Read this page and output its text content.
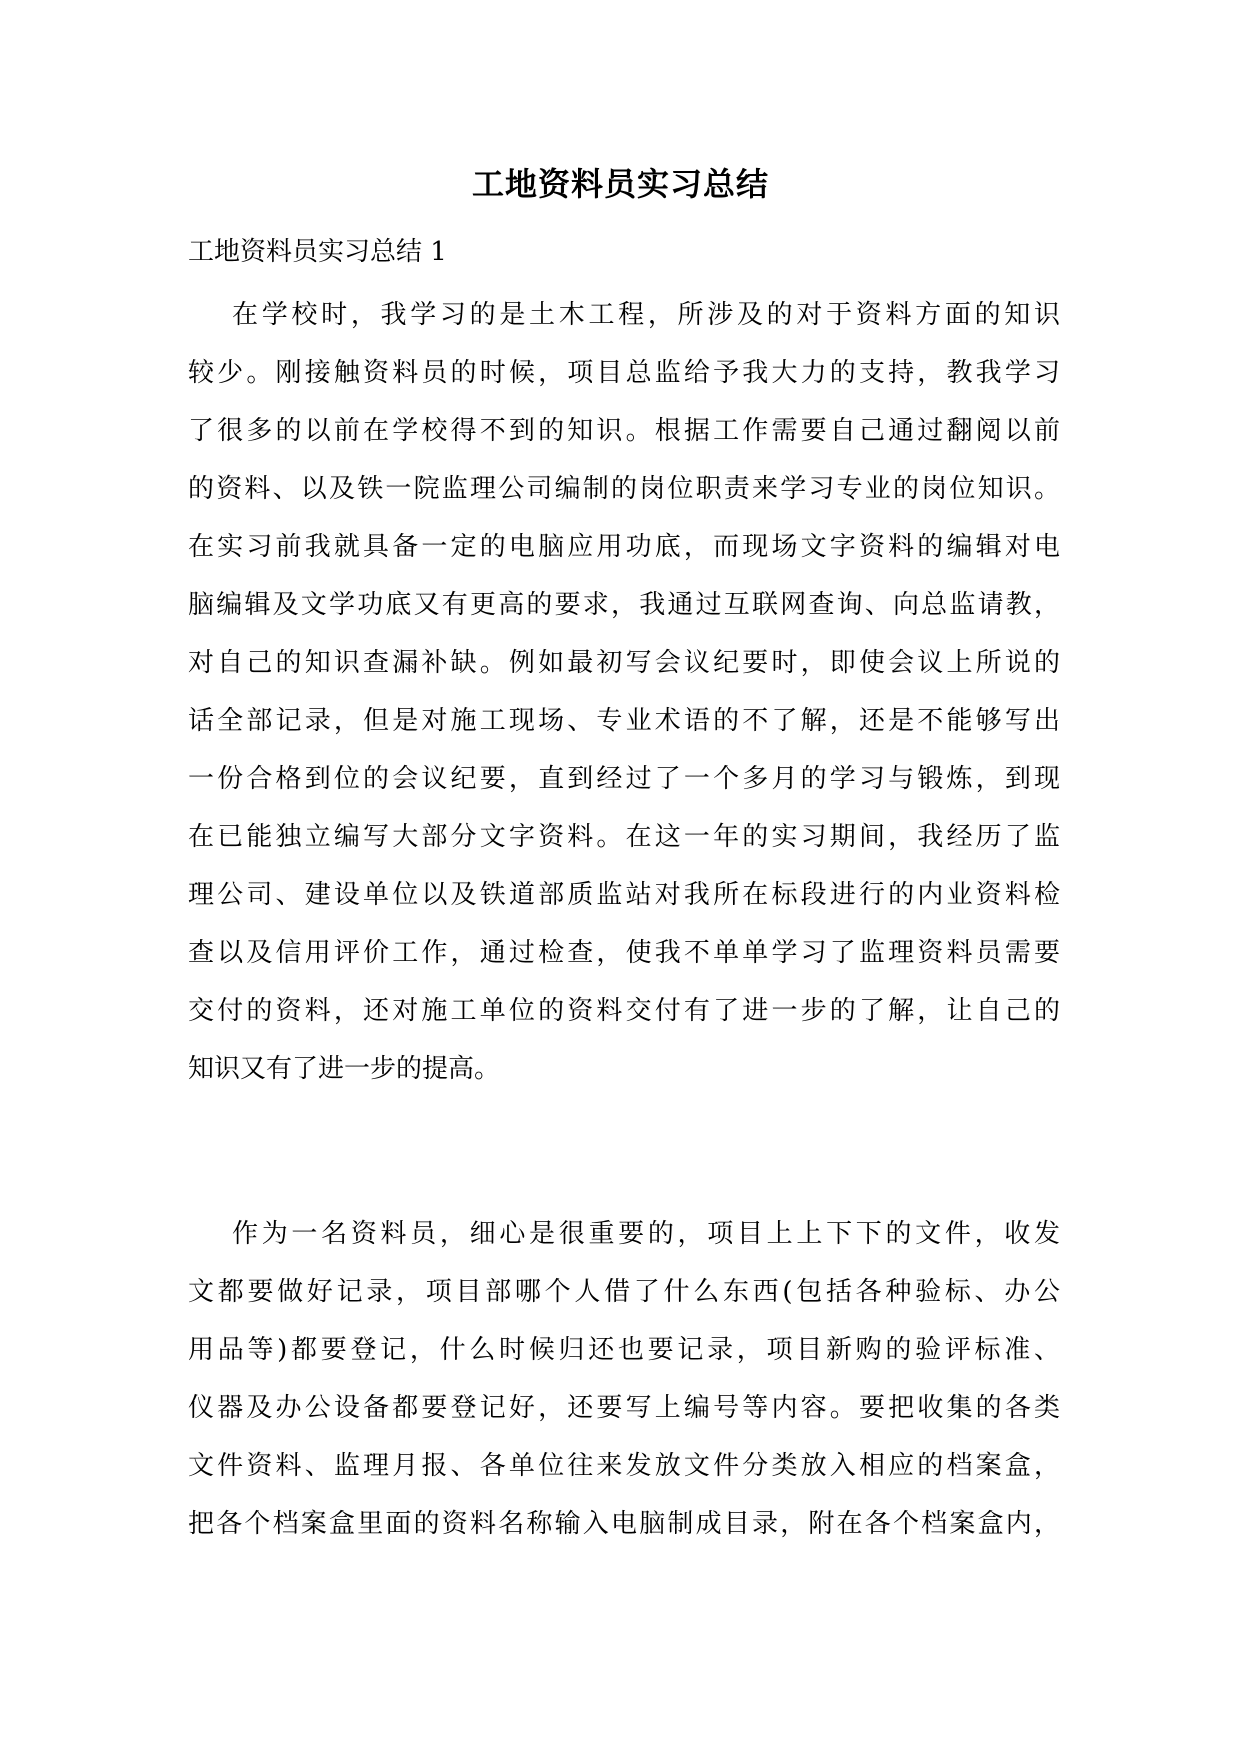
工地资料员实习总结

工地资料员实习总结 1

在学校时，我学习的是土木工程，所涉及的对于资料方面的知识
较少。刚接触资料员的时候，项目总监给予我大力的支持，教我学习
了很多的以前在学校得不到的知识。根据工作需要自己通过翻阅以前
的资料、以及铁一院监理公司编制的岗位职责来学习专业的岗位知识。
在实习前我就具备一定的电脑应用功底，而现场文字资料的编辑对电
脑编辑及文学功底又有更高的要求，我通过互联网查询、向总监请教，
对自己的知识查漏补缺。例如最初写会议纪要时，即使会议上所说的
话全部记录，但是对施工现场、专业术语的不了解，还是不能够写出
一份合格到位的会议纪要，直到经过了一个多月的学习与锻炼，到现
在已能独立编写大部分文字资料。在这一年的实习期间，我经历了监
理公司、建设单位以及铁道部质监站对我所在标段进行的内业资料检
查以及信用评价工作，通过检查，使我不单单学习了监理资料员需要
交付的资料，还对施工单位的资料交付有了进一步的了解，让自己的
知识又有了进一步的提高。
作为一名资料员，细心是很重要的，项目上上下下的文件，收发
文都要做好记录，项目部哪个人借了什么东西(包括各种验标、办公
用品等)都要登记，什么时候归还也要记录，项目新购的验评标准、
仪器及办公设备都要登记好，还要写上编号等内容。要把收集的各类
文件资料、监理月报、各单位往来发放文件分类放入相应的档案盒，
把各个档案盒里面的资料名称输入电脑制成目录，附在各个档案盒内，
